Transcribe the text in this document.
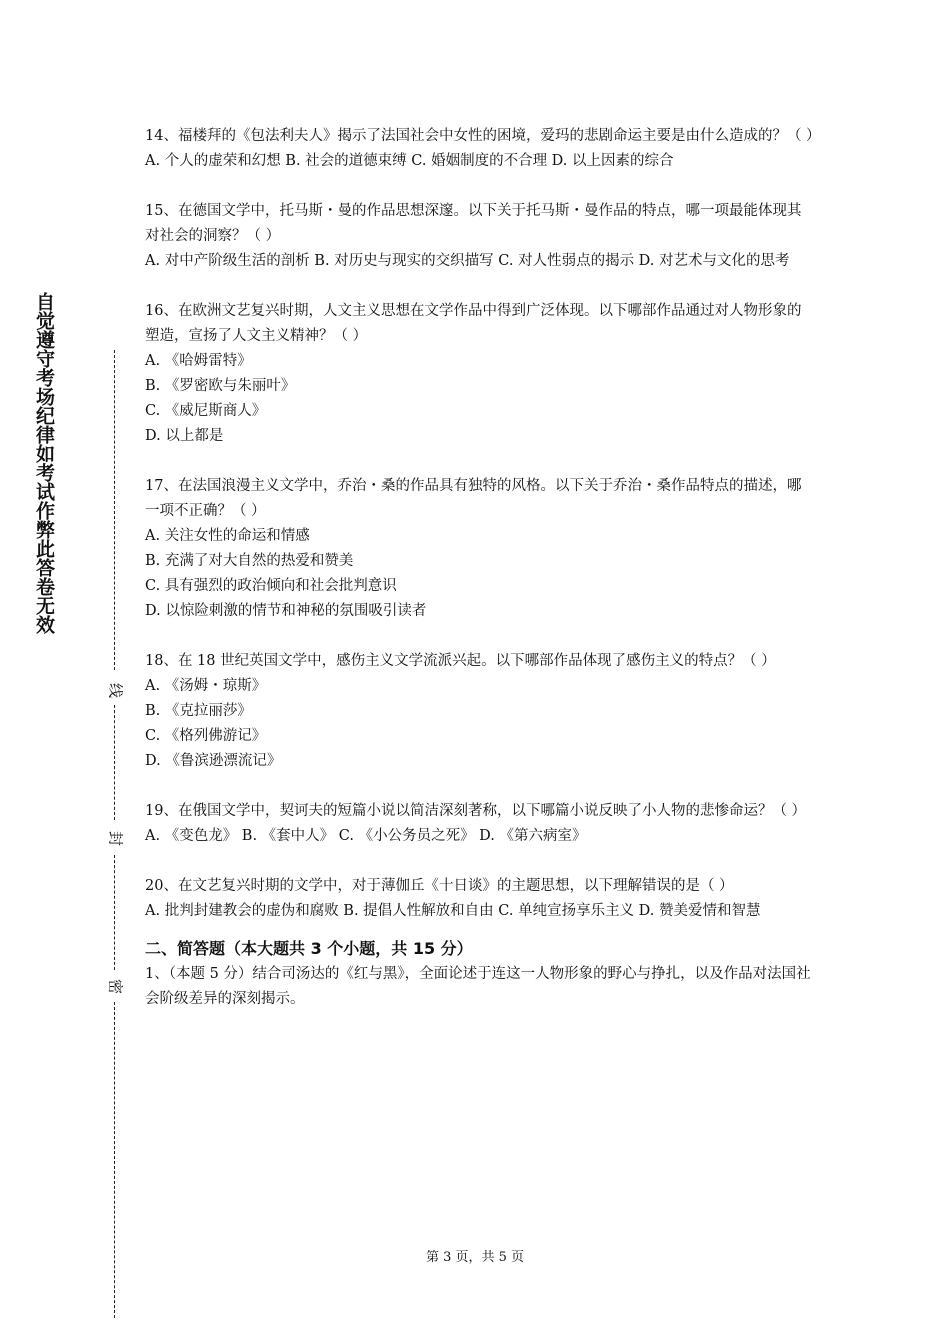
自觉遵守考场纪律如考试作弊此答卷无效
线
封
密

14、福楼拜的《包法利夫人》揭示了法国社会中女性的困境，爱玛的悲剧命运主要是由什么造成的？（ ）

A. 个人的虚荣和幻想 B. 社会的道德束缚 C. 婚姻制度的不合理 D. 以上因素的综合

15、在德国文学中，托马斯・曼的作品思想深邃。以下关于托马斯・曼作品的特点，哪一项最能体现其对社会的洞察？（ ）

A. 对中产阶级生活的剖析 B. 对历史与现实的交织描写 C. 对人性弱点的揭示 D. 对艺术与文化的思考

16、在欧洲文艺复兴时期，人文主义思想在文学作品中得到广泛体现。以下哪部作品通过对人物形象的塑造，宣扬了人文主义精神？（ ）

A. 《哈姆雷特》

B. 《罗密欧与朱丽叶》

C. 《威尼斯商人》

D. 以上都是

17、在法国浪漫主义文学中，乔治・桑的作品具有独特的风格。以下关于乔治・桑作品特点的描述，哪一项不正确？（ ）

A. 关注女性的命运和情感

B. 充满了对大自然的热爱和赞美

C. 具有强烈的政治倾向和社会批判意识

D. 以惊险刺激的情节和神秘的氛围吸引读者

18、在 18 世纪英国文学中，感伤主义文学流派兴起。以下哪部作品体现了感伤主义的特点？（ ）

A. 《汤姆・琼斯》

B. 《克拉丽莎》

C. 《格列佛游记》

D. 《鲁滨逊漂流记》

19、在俄国文学中，契诃夫的短篇小说以简洁深刻著称，以下哪篇小说反映了小人物的悲惨命运？（ ）

A. 《变色龙》 B. 《套中人》 C. 《小公务员之死》 D. 《第六病室》

20、在文艺复兴时期的文学中，对于薄伽丘《十日谈》的主题思想，以下理解错误的是（ ）

A. 批判封建教会的虚伪和腐败 B. 提倡人性解放和自由 C. 单纯宣扬享乐主义 D. 赞美爱情和智慧

二、简答题（本大题共 3 个小题，共 15 分）

1、（本题 5 分）结合司汤达的《红与黑》，全面论述于连这一人物形象的野心与挣扎，以及作品对法国社会阶级差异的深刻揭示。

第 3 页，共 5 页
